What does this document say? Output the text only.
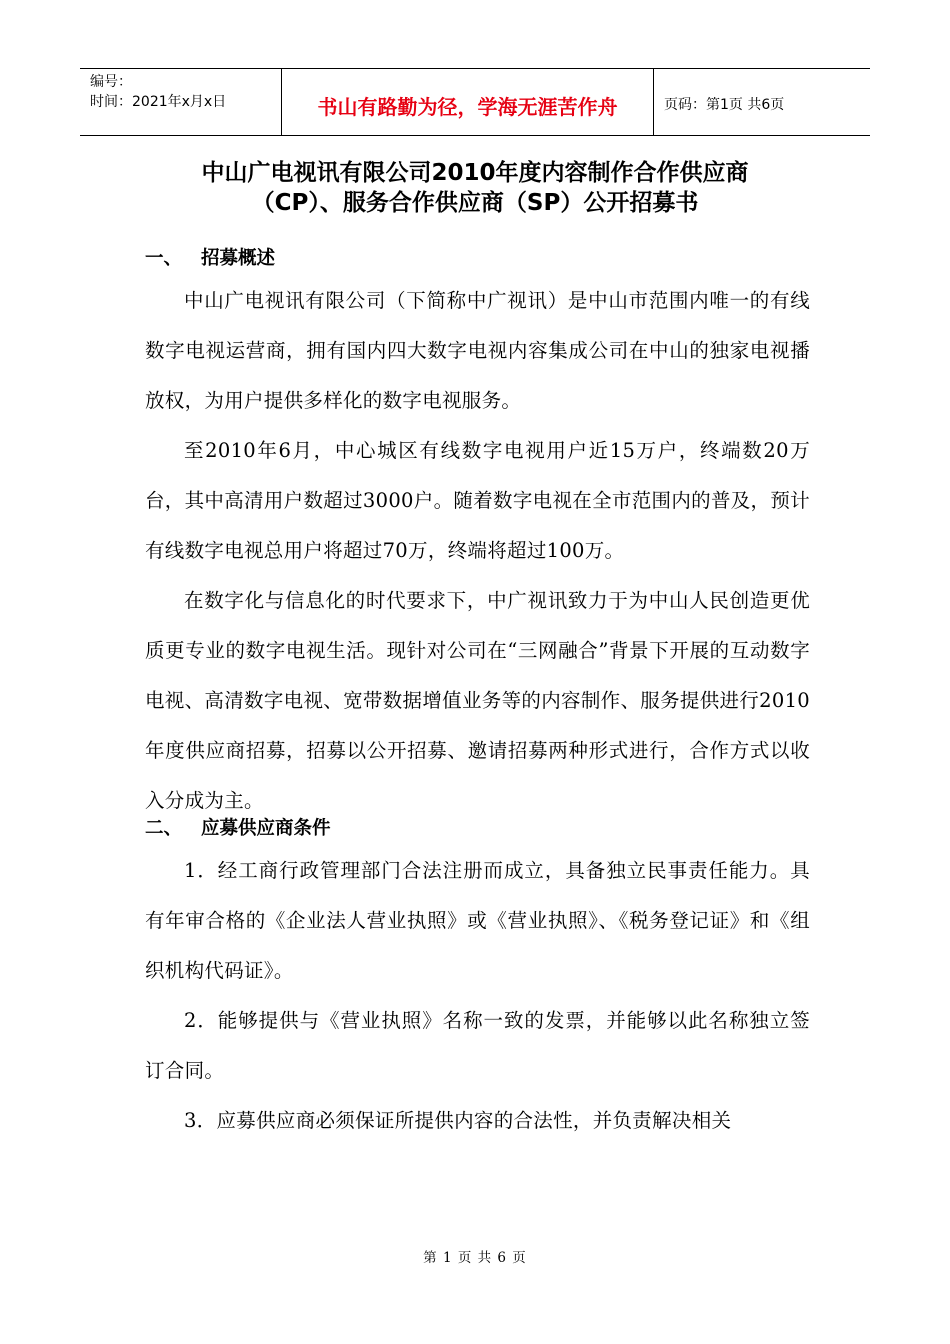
编号：
时间：2021年x月x日	书山有路勤为径，学海无涯苦作舟	页码：第1页 共6页
中山广电视讯有限公司2010年度内容制作合作供应商
（CP）、服务合作供应商（SP）公开招募书
一、	招募概述

中山广电视讯有限公司（下简称中广视讯）是中山市范围内唯一的有线数字电视运营商，拥有国内四大数字电视内容集成公司在中山的独家电视播放权，为用户提供多样化的数字电视服务。

至2010年6月，中心城区有线数字电视用户近15万户，终端数20万台，其中高清用户数超过3000户。随着数字电视在全市范围内的普及，预计有线数字电视总用户将超过70万，终端将超过100万。

在数字化与信息化的时代要求下，中广视讯致力于为中山人民创造更优质更专业的数字电视生活。现针对公司在“三网融合”背景下开展的互动数字电视、高清数字电视、宽带数据增值业务等的内容制作、服务提供进行2010年度供应商招募，招募以公开招募、邀请招募两种形式进行，合作方式以收入分成为主。

二、	应募供应商条件

1．经工商行政管理部门合法注册而成立，具备独立民事责任能力。具有年审合格的《企业法人营业执照》或《营业执照》、《税务登记证》和《组织机构代码证》。

2．能够提供与《营业执照》名称一致的发票，并能够以此名称独立签订合同。

3．应募供应商必须保证所提供内容的合法性，并负责解决相关

第 1 页 共 6 页
